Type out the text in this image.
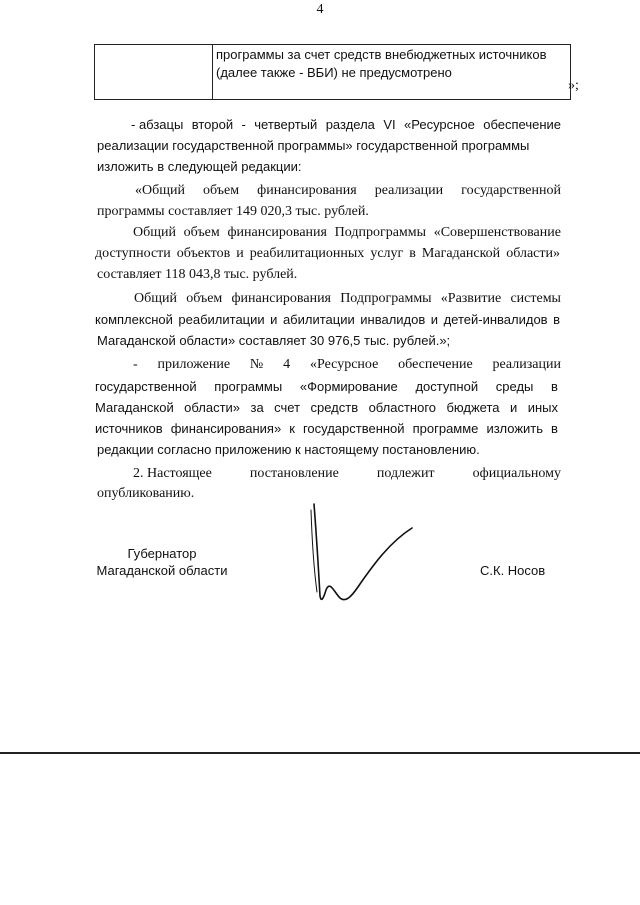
4

программы за счет средств внебюджетных источников
(далее также - ВБИ) не предусмотрено
»;
- абзацы второй - четвертый раздела VI «Ресурсное обеспечение
реализации государственной программы» государственной программы
изложить в следующей редакции:
«Общий объем финансирования реализации государственной
программы составляет 149 020,3 тыс. рублей.
Общий объем финансирования Подпрограммы «Совершенствование
доступности объектов и реабилитационных услуг в Магаданской области»
составляет 118 043,8 тыс. рублей.
Общий объем финансирования Подпрограммы «Развитие системы
комплексной реабилитации и абилитации инвалидов и детей-инвалидов в
Магаданской области» составляет 30 976,5 тыс. рублей.»;
- приложение № 4 «Ресурсное обеспечение реализации
государственной программы «Формирование доступной среды в
Магаданской области» за счет средств областного бюджета и иных
источников финансирования» к государственной программе изложить в
редакции согласно приложению к настоящему постановлению.
2. Настоящее	постановление	подлежит	официальному
опубликованию.
Губернатор
Магаданской области	С.К. Носов
